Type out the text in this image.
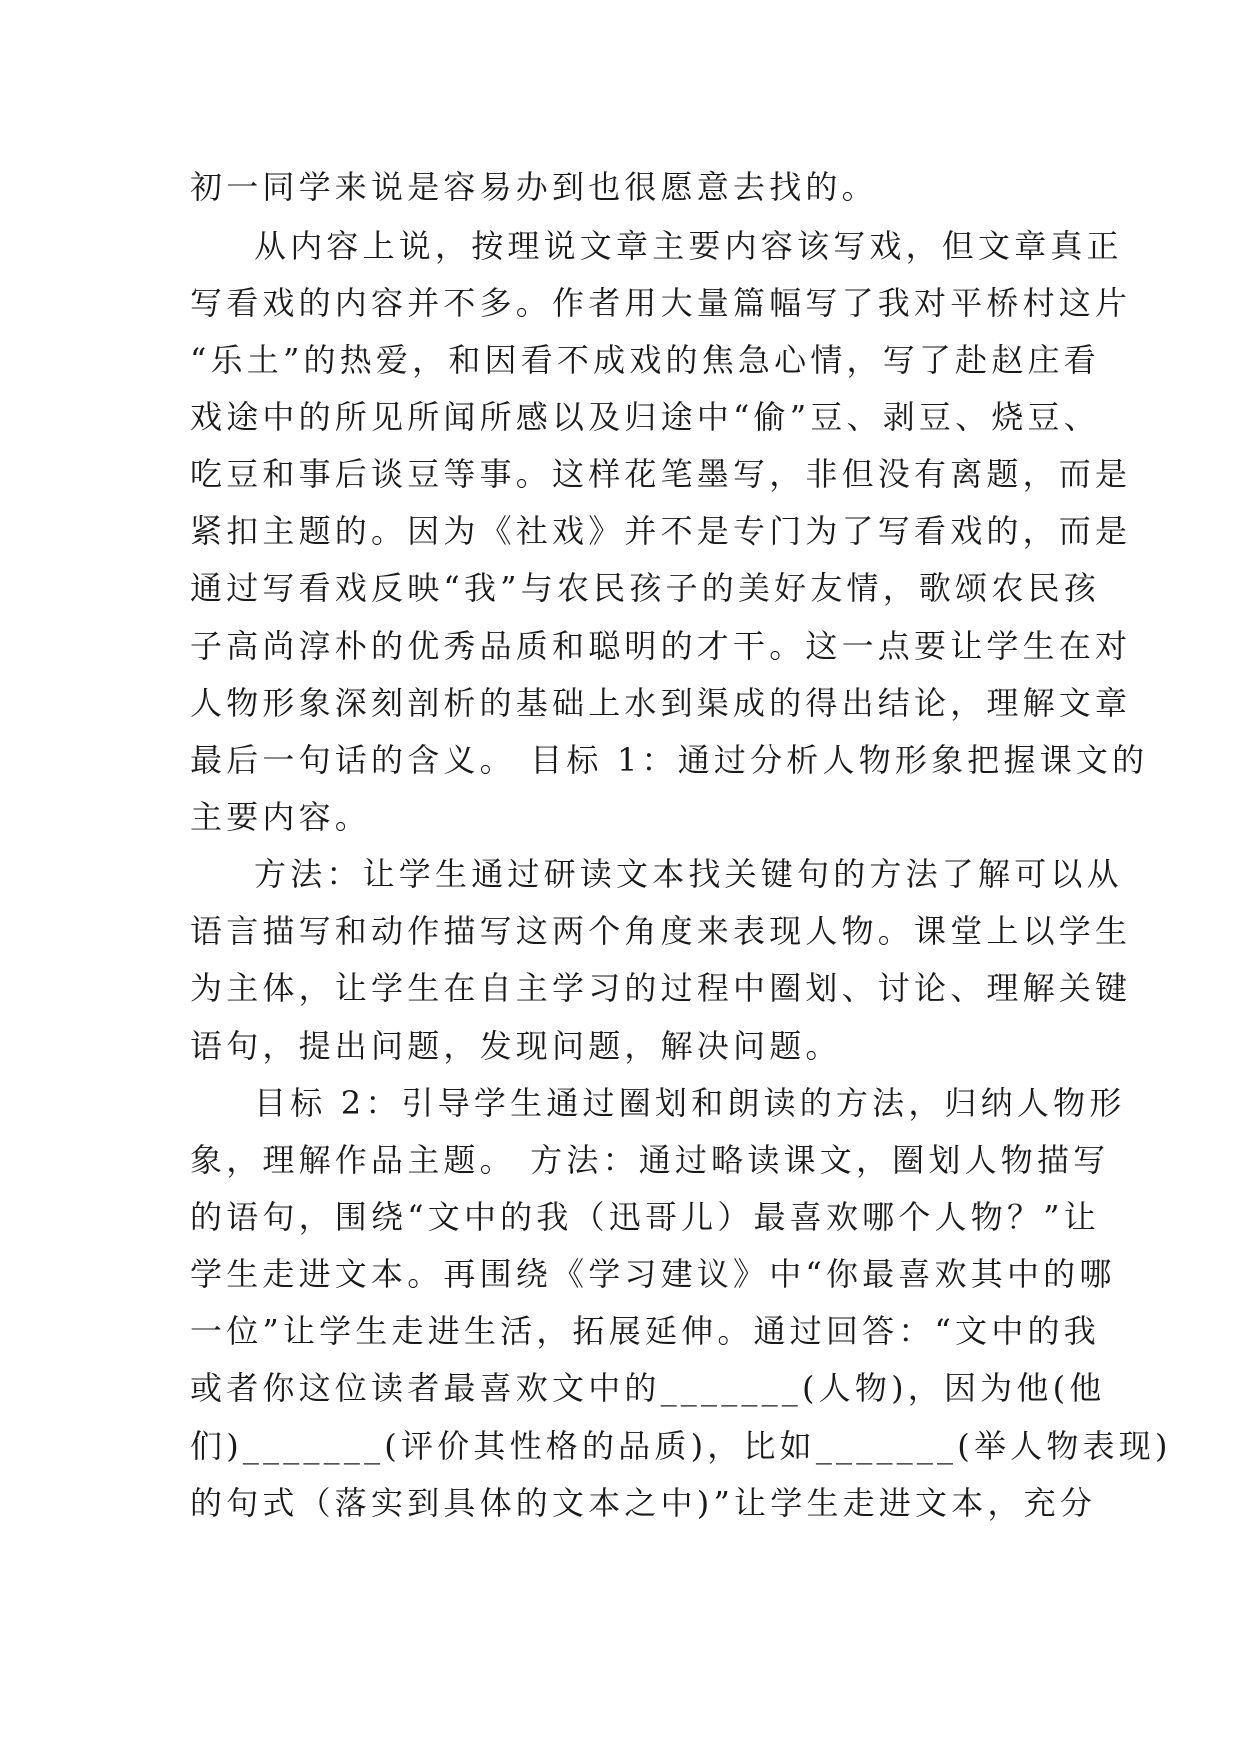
初一同学来说是容易办到也很愿意去找的。
从内容上说，按理说文章主要内容该写戏，但文章真正
写看戏的内容并不多。作者用大量篇幅写了我对平桥村这片
“乐土”的热爱，和因看不成戏的焦急心情，写了赴赵庄看
戏途中的所见所闻所感以及归途中“偷”豆、剥豆、烧豆、
吃豆和事后谈豆等事。这样花笔墨写，非但没有离题，而是
紧扣主题的。因为《社戏》并不是专门为了写看戏的，而是
通过写看戏反映“我”与农民孩子的美好友情，歌颂农民孩
子高尚淳朴的优秀品质和聪明的才干。这一点要让学生在对
人物形象深刻剖析的基础上水到渠成的得出结论，理解文章
最后一句话的含义。 目标 1：通过分析人物形象把握课文的
主要内容。
方法：让学生通过研读文本找关键句的方法了解可以从
语言描写和动作描写这两个角度来表现人物。课堂上以学生
为主体，让学生在自主学习的过程中圈划、讨论、理解关键
语句，提出问题，发现问题，解决问题。
目标 2：引导学生通过圈划和朗读的方法，归纳人物形
象，理解作品主题。 方法：通过略读课文，圈划人物描写
的语句，围绕“文中的我（迅哥儿）最喜欢哪个人物？”让
学生走进文本。再围绕《学习建议》中“你最喜欢其中的哪
一位”让学生走进生活，拓展延伸。通过回答：“文中的我
或者你这位读者最喜欢文中的_______(人物)，因为他(他
们)_______(评价其性格的品质)，比如_______(举人物表现)
的句式（落实到具体的文本之中)”让学生走进文本，充分
